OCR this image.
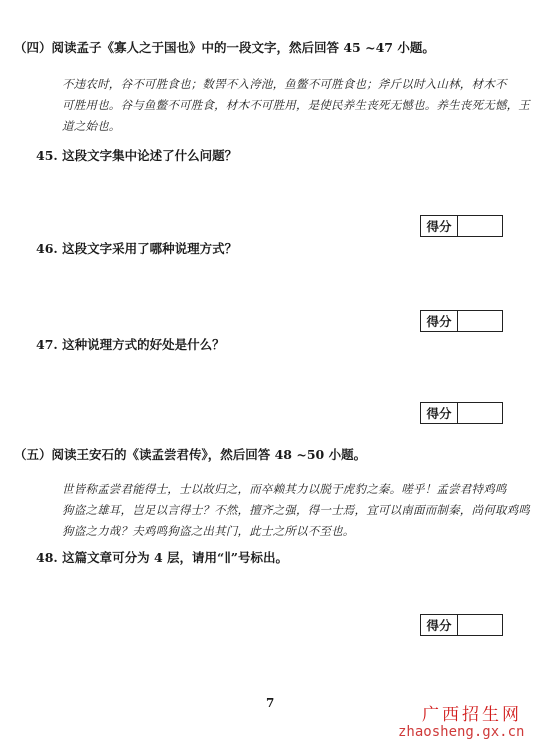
（四）阅读孟子《寡人之于国也》中的一段文字，然后回答 45 ~47 小题。
不违农时，谷不可胜食也；数罟不入洿池，鱼鳖不可胜食也；斧斤以时入山林，材木不
可胜用也。谷与鱼鳖不可胜食，材木不可胜用，是使民养生丧死无憾也。养生丧死无憾，王
道之始也。
45. 这段文字集中论述了什么问题？
得分
46. 这段文字采用了哪种说理方式？
得分
47. 这种说理方式的好处是什么？
得分
（五）阅读王安石的《读孟尝君传》，然后回答 48 ~50 小题。
世皆称孟尝君能得士，士以故归之，而卒赖其力以脱于虎豹之秦。嗟乎！孟尝君特鸡鸣
狗盗之雄耳，岂足以言得士？不然，擅齐之强，得一士焉，宜可以南面而制秦，尚何取鸡鸣
狗盗之力哉？夫鸡鸣狗盗之出其门，此士之所以不至也。
48. 这篇文章可分为 4 层，请用“∥”号标出。
得分
7
广西招生网
zhaosheng.gx.cn
